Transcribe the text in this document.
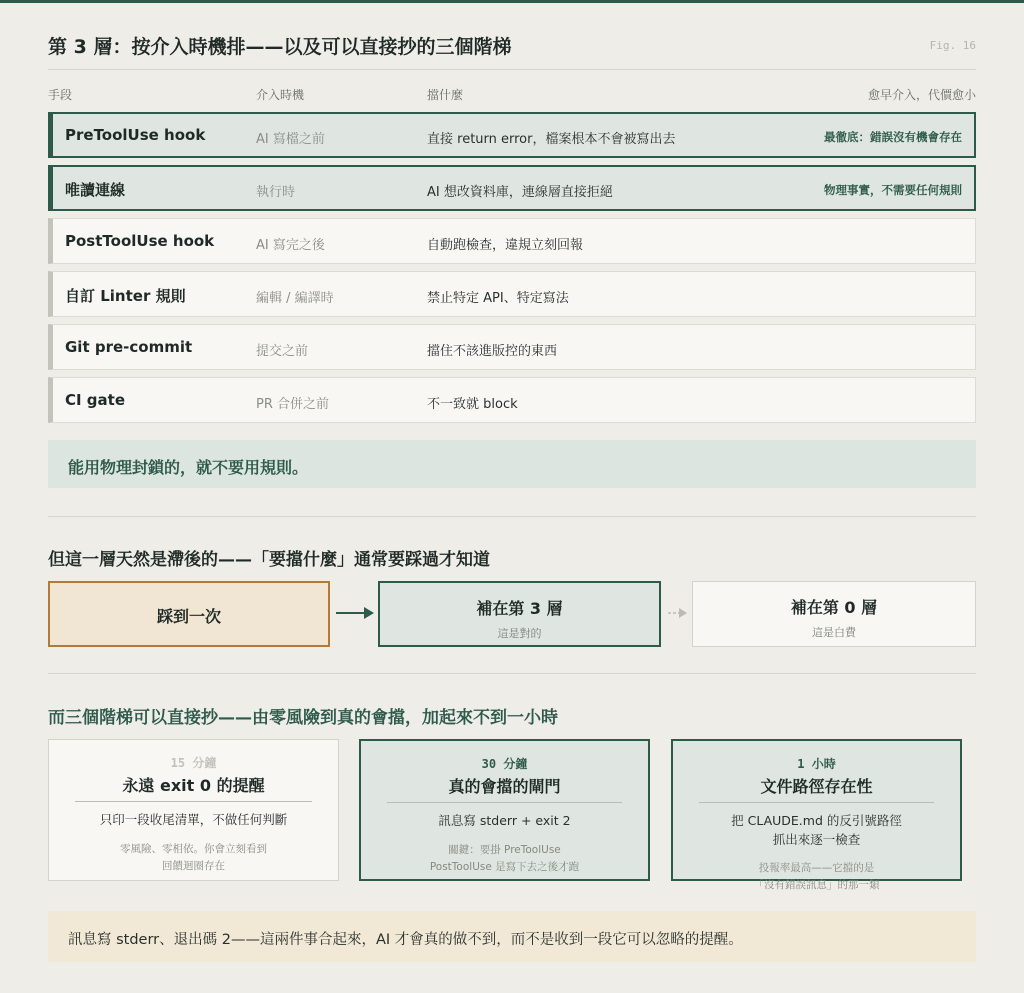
第 3 層：按介入時機排——以及可以直接抄的三個階梯	Fig. 16
手段	介入時機	擋什麼	愈早介入，代價愈小
PreToolUse hook	AI 寫檔之前	直接 return error，檔案根本不會被寫出去	最徹底：錯誤沒有機會存在
唯讀連線	執行時	AI 想改資料庫，連線層直接拒絕	物理事實，不需要任何規則
PostToolUse hook	AI 寫完之後	自動跑檢查，違規立刻回報
自訂 Linter 規則	編輯 / 編譯時	禁止特定 API、特定寫法
Git pre-commit	提交之前	擋住不該進版控的東西
CI gate	PR 合併之前	不一致就 block
能用物理封鎖的，就不要用規則。
但這一層天然是滯後的——「要擋什麼」通常要踩過才知道
踩到一次	補在第 3 層
這是對的
補在第 0 層
這是白費
而三個階梯可以直接抄——由零風險到真的會擋，加起來不到一小時
15 分鐘
永遠 exit 0 的提醒
只印一段收尾清單，不做任何判斷
零風險、零相依。你會立刻看到
回饋迴圈存在
30 分鐘
真的會擋的閘門
訊息寫 stderr + exit 2
關鍵：要掛 PreToolUse
PostToolUse 是寫下去之後才跑
1 小時
文件路徑存在性
把 CLAUDE.md 的反引號路徑
抓出來逐一檢查
投報率最高——它擋的是
「沒有錯誤訊息」的那一類
訊息寫 stderr、退出碼 2——這兩件事合起來，AI 才會真的做不到，而不是收到一段它可以忽略的提醒。
